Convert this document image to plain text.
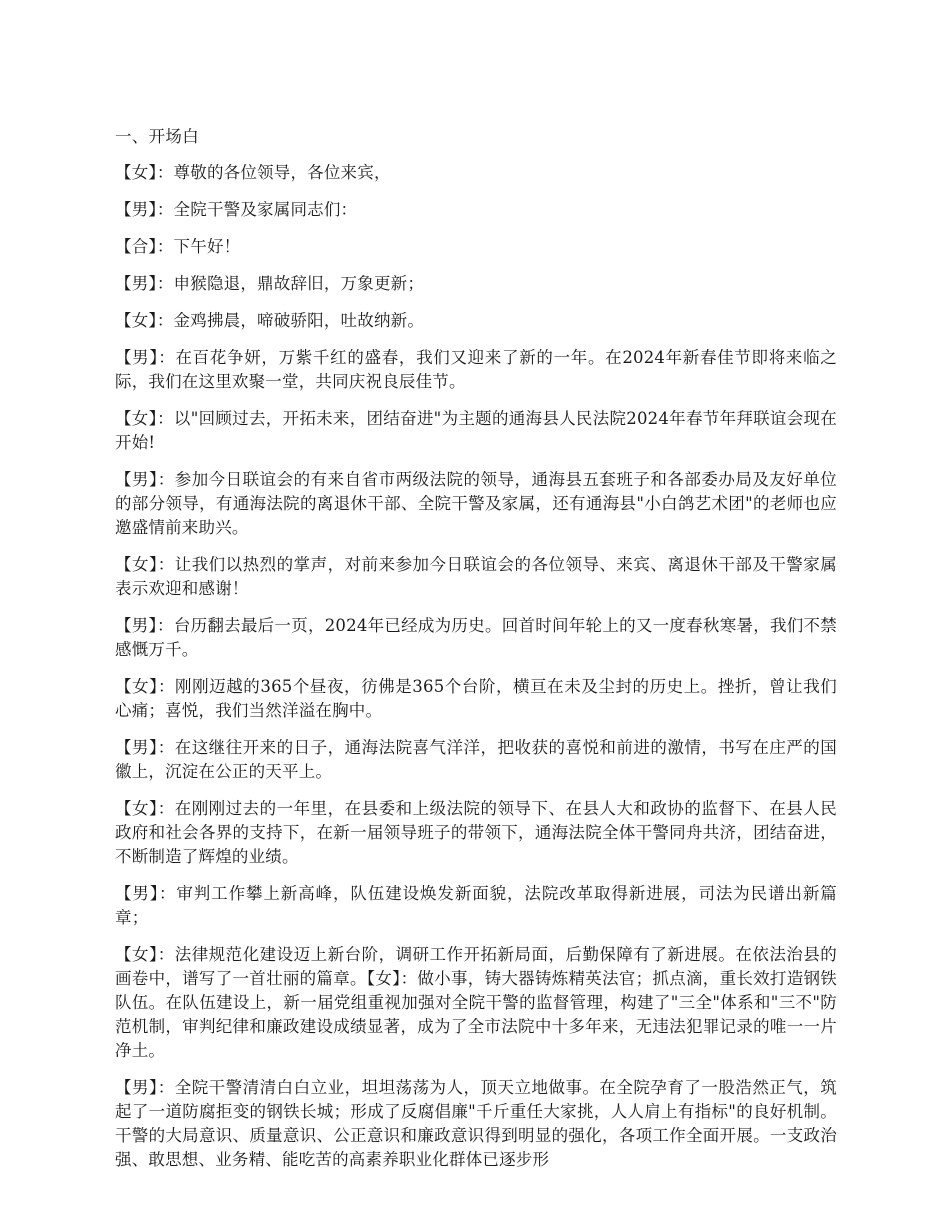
一、开场白

【女】：尊敬的各位领导，各位来宾，

【男】：全院干警及家属同志们：

【合】：下午好！

【男】：申猴隐退，鼎故辞旧，万象更新；

【女】：金鸡拂晨，啼破骄阳，吐故纳新。

【男】：在百花争妍，万紫千红的盛春，我们又迎来了新的一年。在2024年新春佳节即将来临之际，我们在这里欢聚一堂，共同庆祝良辰佳节。

【女】：以"回顾过去，开拓未来，团结奋进"为主题的通海县人民法院2024年春节年拜联谊会现在开始!

【男】：参加今日联谊会的有来自省市两级法院的领导，通海县五套班子和各部委办局及友好单位的部分领导，有通海法院的离退休干部、全院干警及家属，还有通海县"小白鸽艺术团"的老师也应邀盛情前来助兴。

【女】：让我们以热烈的掌声，对前来参加今日联谊会的各位领导、来宾、离退休干部及干警家属表示欢迎和感谢！

【男】：台历翻去最后一页，2024年已经成为历史。回首时间年轮上的又一度春秋寒暑，我们不禁感慨万千。

【女】：刚刚迈越的365个昼夜，彷佛是365个台阶，横亘在未及尘封的历史上。挫折，曾让我们心痛；喜悦，我们当然洋溢在胸中。

【男】：在这继往开来的日子，通海法院喜气洋洋，把收获的喜悦和前进的激情，书写在庄严的国徽上，沉淀在公正的天平上。

【女】：在刚刚过去的一年里，在县委和上级法院的领导下、在县人大和政协的监督下、在县人民政府和社会各界的支持下，在新一届领导班子的带领下，通海法院全体干警同舟共济，团结奋进，不断制造了辉煌的业绩。

【男】：审判工作攀上新高峰，队伍建设焕发新面貌，法院改革取得新进展，司法为民谱出新篇章；

【女】：法律规范化建设迈上新台阶，调研工作开拓新局面，后勤保障有了新进展。在依法治县的画卷中，谱写了一首壮丽的篇章。【女】：做小事，铸大器铸炼精英法官；抓点滴，重长效打造钢铁队伍。在队伍建设上，新一届党组重视加强对全院干警的监督管理，构建了"三全"体系和"三不"防范机制，审判纪律和廉政建设成绩显著，成为了全市法院中十多年来，无违法犯罪记录的唯一一片净土。

【男】：全院干警清清白白立业，坦坦荡荡为人，顶天立地做事。在全院孕育了一股浩然正气，筑起了一道防腐拒变的钢铁长城；形成了反腐倡廉"千斤重任大家挑，人人肩上有指标"的良好机制。干警的大局意识、质量意识、公正意识和廉政意识得到明显的强化，各项工作全面开展。一支政治强、敢思想、业务精、能吃苦的高素养职业化群体已逐步形
